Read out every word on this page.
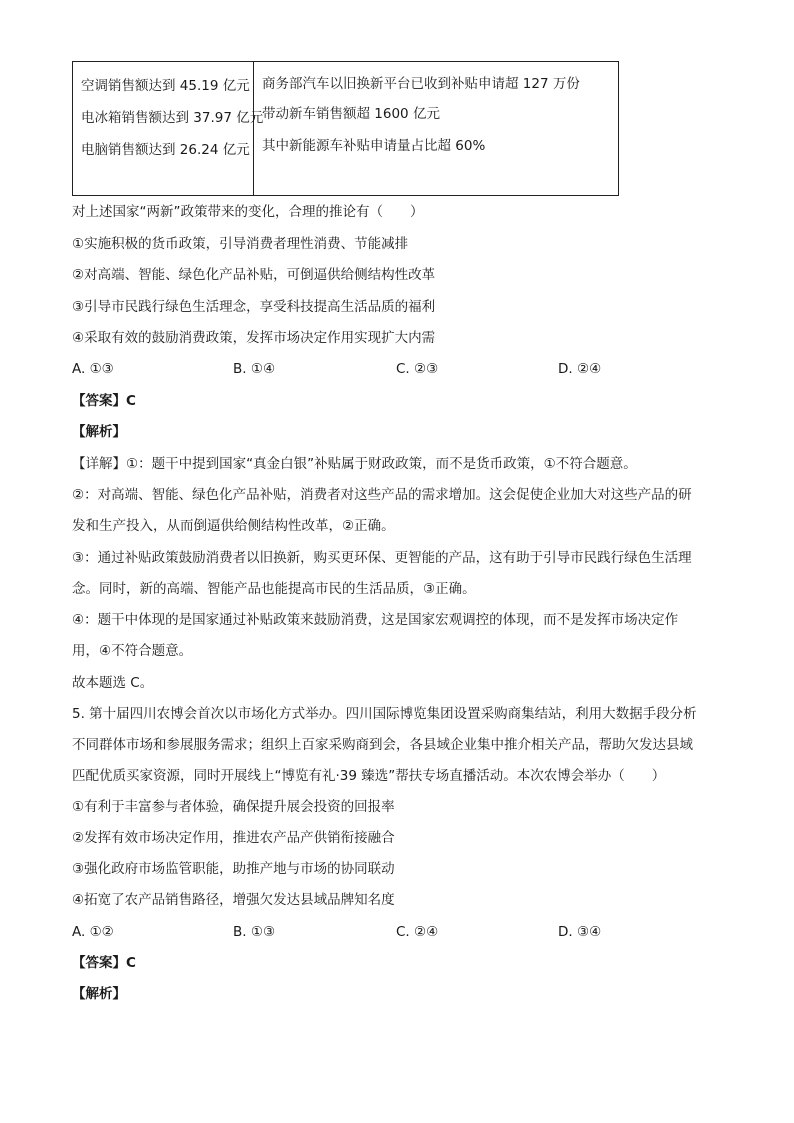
空调销售额达到 45.19 亿元
电冰箱销售额达到 37.97 亿元
电脑销售额达到 26.24 亿元

商务部汽车以旧换新平台已收到补贴申请超 127 万份
带动新车销售额超 1600 亿元
其中新能源车补贴申请量占比超 60%
对上述国家“两新”政策带来的变化，合理的推论有（　　）
①实施积极的货币政策，引导消费者理性消费、节能减排
②对高端、智能、绿色化产品补贴，可倒逼供给侧结构性改革
③引导市民践行绿色生活理念，享受科技提高生活品质的福利
④采取有效的鼓励消费政策，发挥市场决定作用实现扩大内需
A. ①③	B. ①④	C. ②③	D. ②④
【答案】C
【解析】
【详解】①：题干中提到国家“真金白银”补贴属于财政政策，而不是货币政策，①不符合题意。
②：对高端、智能、绿色化产品补贴，消费者对这些产品的需求增加。这会促使企业加大对这些产品的研
发和生产投入，从而倒逼供给侧结构性改革，②正确。
③：通过补贴政策鼓励消费者以旧换新，购买更环保、更智能的产品，这有助于引导市民践行绿色生活理
念。同时，新的高端、智能产品也能提高市民的生活品质，③正确。
④：题干中体现的是国家通过补贴政策来鼓励消费，这是国家宏观调控的体现，而不是发挥市场决定作
用，④不符合题意。
故本题选 C。
5. 第十届四川农博会首次以市场化方式举办。四川国际博览集团设置采购商集结站，利用大数据手段分析
不同群体市场和参展服务需求；组织上百家采购商到会，各县域企业集中推介相关产品，帮助欠发达县域
匹配优质买家资源，同时开展线上“博览有礼·39 臻选”帮扶专场直播活动。本次农博会举办（　　）
①有利于丰富参与者体验，确保提升展会投资的回报率
②发挥有效市场决定作用，推进农产品产供销衔接融合
③强化政府市场监管职能，助推产地与市场的协同联动
④拓宽了农产品销售路径，增强欠发达县域品牌知名度
A. ①②	B. ①③	C. ②④	D. ③④
【答案】C
【解析】
